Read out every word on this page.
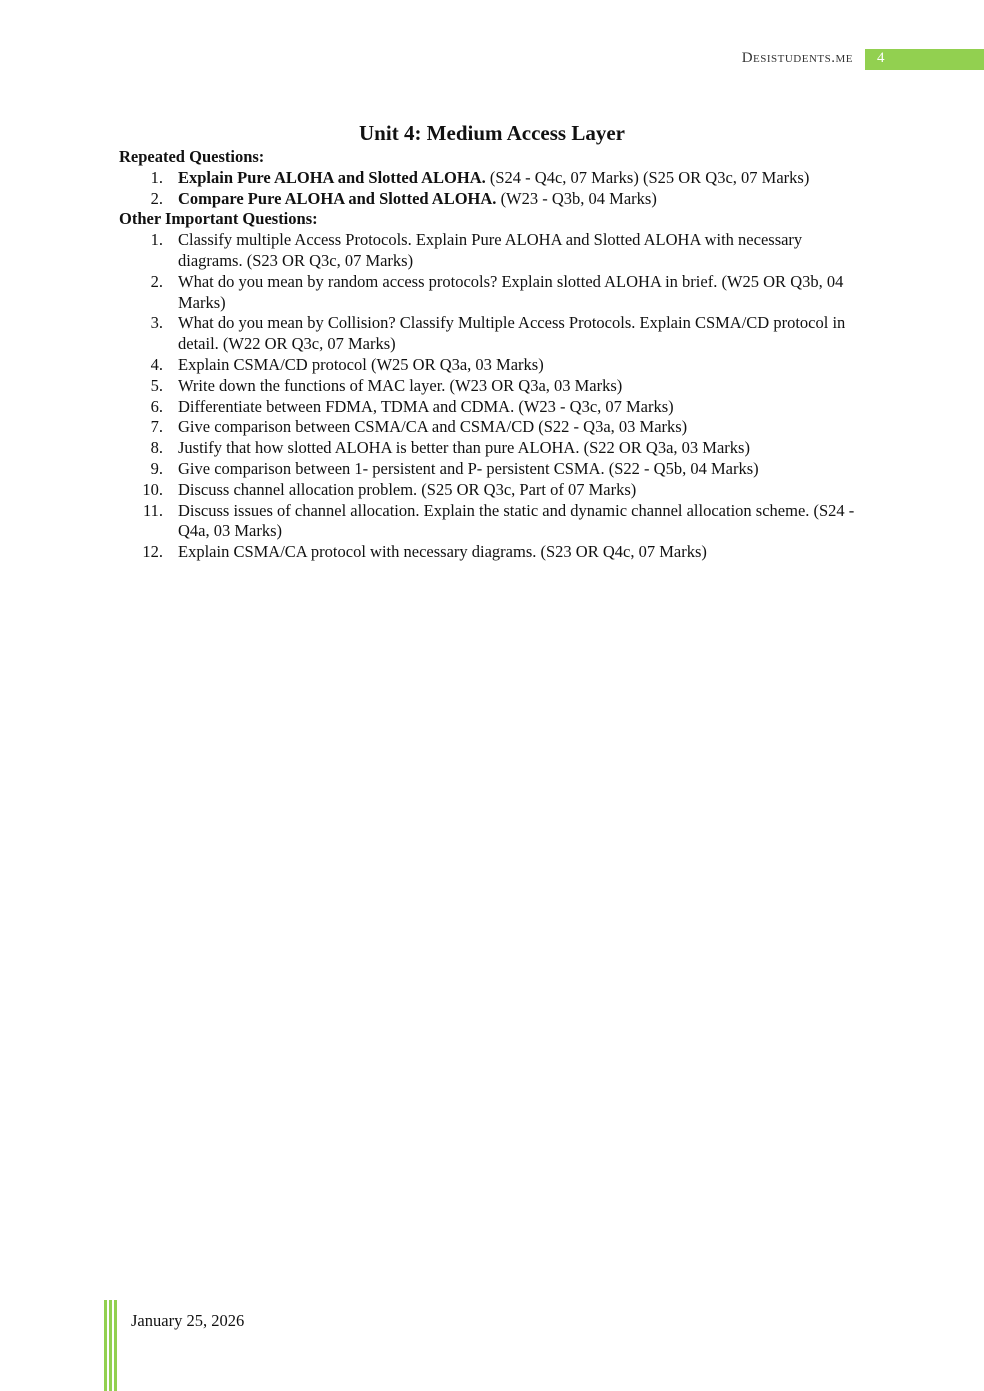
Desistudents.me 4
Unit 4: Medium Access Layer
Repeated Questions:
1. Explain Pure ALOHA and Slotted ALOHA. (S24 - Q4c, 07 Marks) (S25 OR Q3c, 07 Marks)
2. Compare Pure ALOHA and Slotted ALOHA. (W23 - Q3b, 04 Marks)
Other Important Questions:
1. Classify multiple Access Protocols. Explain Pure ALOHA and Slotted ALOHA with necessary diagrams. (S23 OR Q3c, 07 Marks)
2. What do you mean by random access protocols? Explain slotted ALOHA in brief. (W25 OR Q3b, 04 Marks)
3. What do you mean by Collision? Classify Multiple Access Protocols. Explain CSMA/CD protocol in detail. (W22 OR Q3c, 07 Marks)
4. Explain CSMA/CD protocol (W25 OR Q3a, 03 Marks)
5. Write down the functions of MAC layer. (W23 OR Q3a, 03 Marks)
6. Differentiate between FDMA, TDMA and CDMA. (W23 - Q3c, 07 Marks)
7. Give comparison between CSMA/CA and CSMA/CD (S22 - Q3a, 03 Marks)
8. Justify that how slotted ALOHA is better than pure ALOHA. (S22 OR Q3a, 03 Marks)
9. Give comparison between 1- persistent and P- persistent CSMA. (S22 - Q5b, 04 Marks)
10. Discuss channel allocation problem. (S25 OR Q3c, Part of 07 Marks)
11. Discuss issues of channel allocation. Explain the static and dynamic channel allocation scheme. (S24 - Q4a, 03 Marks)
12. Explain CSMA/CA protocol with necessary diagrams. (S23 OR Q4c, 07 Marks)
January 25, 2026
